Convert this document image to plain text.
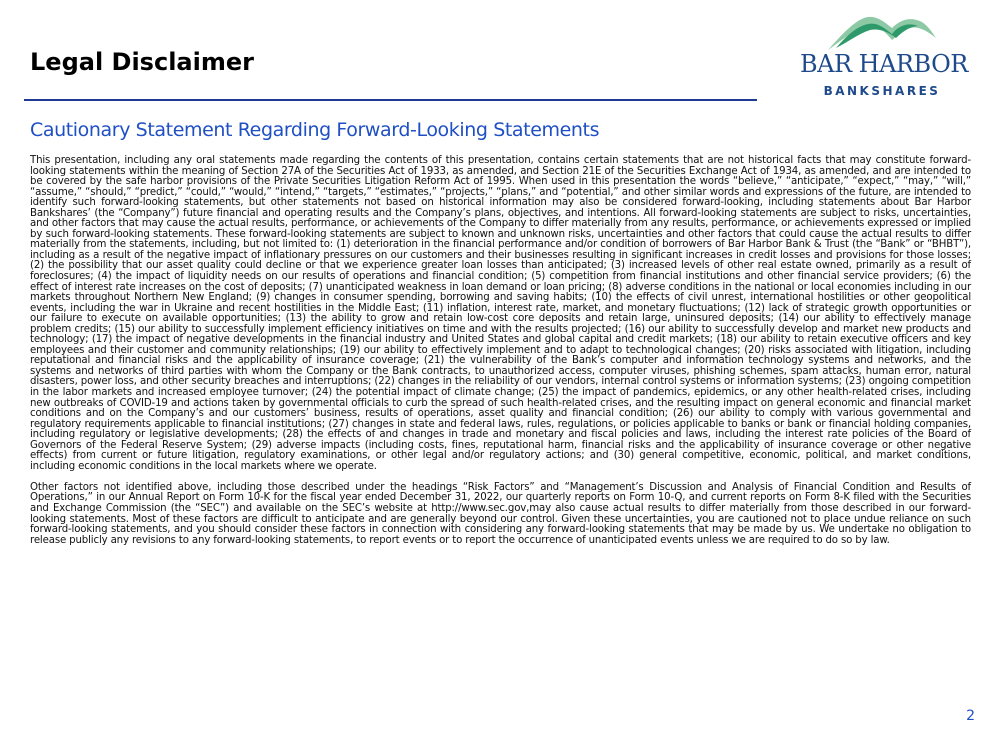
Legal Disclaimer	BAR HARBOR
BANKSHARES
Cautionary Statement Regarding Forward-Looking Statements

This presentation, including any oral statements made regarding the contents of this presentation, contains certain statements that are not historical facts that may constitute forward-looking statements within the meaning of Section 27A of the Securities Act of 1933, as amended, and Section 21E of the Securities Exchange Act of 1934, as amended, and are intended to be covered by the safe harbor provisions of the Private Securities Litigation Reform Act of 1995. When used in this presentation the words “believe,” “anticipate,” “expect,” “may,” “will,” “assume,” “should,” “predict,” “could,” “would,” “intend,” “targets,” “estimates,” “projects,” “plans,” and “potential,” and other similar words and expressions of the future, are intended to identify such forward-looking statements, but other statements not based on historical information may also be considered forward-looking, including statements about Bar Harbor Bankshares’ (the “Company”) future financial and operating results and the Company’s plans, objectives, and intentions. All forward-looking statements are subject to risks, uncertainties, and other factors that may cause the actual results, performance, or achievements of the Company to differ materially from any results, performance, or achievements expressed or implied by such forward-looking statements. These forward-looking statements are subject to known and unknown risks, uncertainties and other factors that could cause the actual results to differ materially from the statements, including, but not limited to: (1) deterioration in the financial performance and/or condition of borrowers of Bar Harbor Bank & Trust (the “Bank” or “BHBT”), including as a result of the negative impact of inflationary pressures on our customers and their businesses resulting in significant increases in credit losses and provisions for those losses; (2) the possibility that our asset quality could decline or that we experience greater loan losses than anticipated; (3) increased levels of other real estate owned, primarily as a result of foreclosures; (4) the impact of liquidity needs on our results of operations and financial condition; (5) competition from financial institutions and other financial service providers; (6) the effect of interest rate increases on the cost of deposits; (7) unanticipated weakness in loan demand or loan pricing; (8) adverse conditions in the national or local economies including in our markets throughout Northern New England; (9) changes in consumer spending, borrowing and saving habits; (10) the effects of civil unrest, international hostilities or other geopolitical events, including the war in Ukraine and recent hostilities in the Middle East; (11) inflation, interest rate, market, and monetary fluctuations; (12) lack of strategic growth opportunities or our failure to execute on available opportunities; (13) the ability to grow and retain low-cost core deposits and retain large, uninsured deposits; (14) our ability to effectively manage problem credits; (15) our ability to successfully implement efficiency initiatives on time and with the results projected; (16) our ability to successfully develop and market new products and technology; (17) the impact of negative developments in the financial industry and United States and global capital and credit markets; (18) our ability to retain executive officers and key employees and their customer and community relationships; (19) our ability to effectively implement and to adapt to technological changes; (20) risks associated with litigation, including reputational and financial risks and the applicability of insurance coverage; (21) the vulnerability of the Bank’s computer and information technology systems and networks, and the systems and networks of third parties with whom the Company or the Bank contracts, to unauthorized access, computer viruses, phishing schemes, spam attacks, human error, natural disasters, power loss, and other security breaches and interruptions; (22) changes in the reliability of our vendors, internal control systems or information systems; (23) ongoing competition in the labor markets and increased employee turnover; (24) the potential impact of climate change; (25) the impact of pandemics, epidemics, or any other health-related crises, including new outbreaks of COVID-19 and actions taken by governmental officials to curb the spread of such health-related crises, and the resulting impact on general economic and financial market conditions and on the Company’s and our customers’ business, results of operations, asset quality and financial condition; (26) our ability to comply with various governmental and regulatory requirements applicable to financial institutions; (27) changes in state and federal laws, rules, regulations, or policies applicable to banks or bank or financial holding companies, including regulatory or legislative developments; (28) the effects of and changes in trade and monetary and fiscal policies and laws, including the interest rate policies of the Board of Governors of the Federal Reserve System; (29) adverse impacts (including costs, fines, reputational harm, financial risks and the applicability of insurance coverage or other negative effects) from current or future litigation, regulatory examinations, or other legal and/or regulatory actions; and (30) general competitive, economic, political, and market conditions, including economic conditions in the local markets where we operate.

Other factors not identified above, including those described under the headings “Risk Factors” and “Management’s Discussion and Analysis of Financial Condition and Results of Operations,” in our Annual Report on Form 10-K for the fiscal year ended December 31, 2022, our quarterly reports on Form 10-Q, and current reports on Form 8-K filed with the Securities and Exchange Commission (the “SEC”) and available on the SEC’s website at http://www.sec.gov,may also cause actual results to differ materially from those described in our forward-looking statements. Most of these factors are difficult to anticipate and are generally beyond our control. Given these uncertainties, you are cautioned not to place undue reliance on such forward-looking statements, and you should consider these factors in connection with considering any forward-looking statements that may be made by us. We undertake no obligation to release publicly any revisions to any forward-looking statements, to report events or to report the occurrence of unanticipated events unless we are required to do so by law.

2
